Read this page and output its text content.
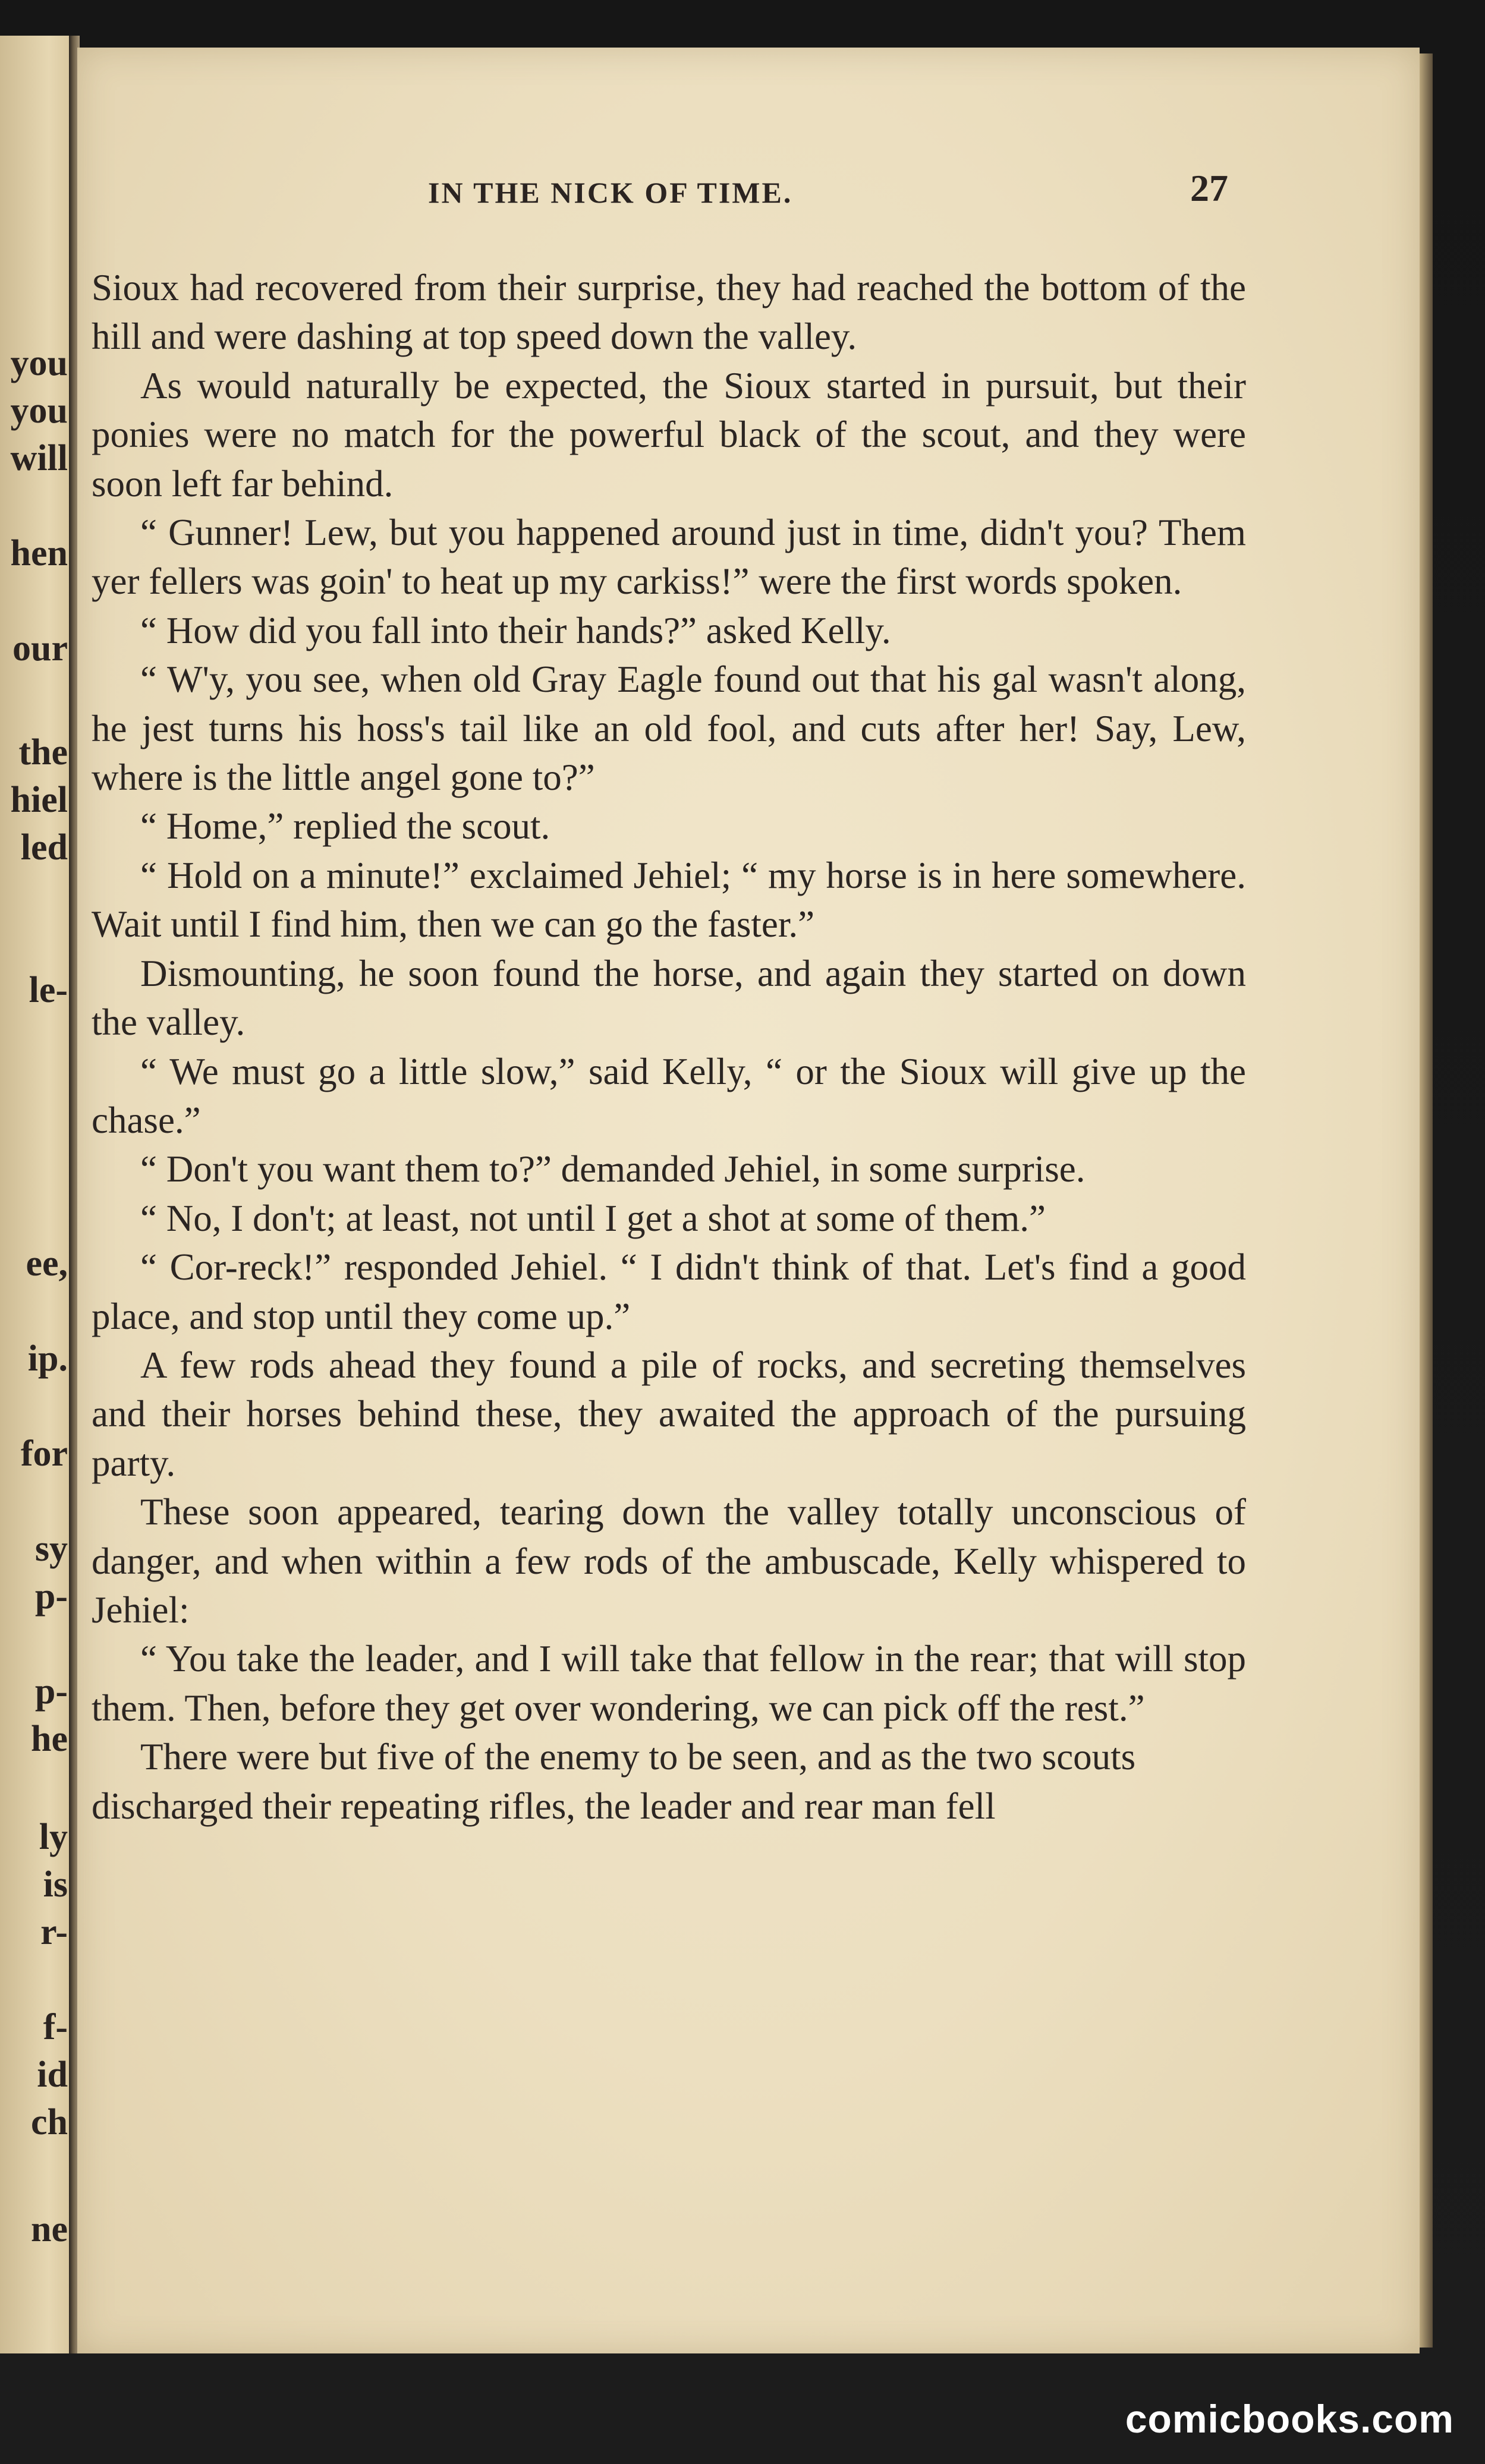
you
you
will
hen
our
the
hiel
led
le-
ee,
ip.
for
sy
p-
p-
he
ly
is
r-
f-
id
ch
ne
IN THE NICK OF TIME.	27

Sioux had recovered from their surprise, they had reached the bottom of the hill and were dashing at top speed down the valley.

As would naturally be expected, the Sioux started in pursuit, but their ponies were no match for the powerful black of the scout, and they were soon left far behind.

“ Gunner! Lew, but you happened around just in time, didn't you? Them yer fellers was goin' to heat up my carkiss!” were the first words spoken.

“ How did you fall into their hands?” asked Kelly.

“ W'y, you see, when old Gray Eagle found out that his gal wasn't along, he jest turns his hoss's tail like an old fool, and cuts after her! Say, Lew, where is the little angel gone to?”

“ Home,” replied the scout.

“ Hold on a minute!” exclaimed Jehiel; “ my horse is in here somewhere. Wait until I find him, then we can go the faster.”

Dismounting, he soon found the horse, and again they started on down the valley.

“ We must go a little slow,” said Kelly, “ or the Sioux will give up the chase.”

“ Don't you want them to?” demanded Jehiel, in some surprise.

“ No, I don't; at least, not until I get a shot at some of them.”

“ Cor-reck!” responded Jehiel. “ I didn't think of that. Let's find a good place, and stop until they come up.”

A few rods ahead they found a pile of rocks, and secreting themselves and their horses behind these, they awaited the approach of the pursuing party.

These soon appeared, tearing down the valley totally unconscious of danger, and when within a few rods of the ambuscade, Kelly whispered to Jehiel:

“ You take the leader, and I will take that fellow in the rear; that will stop them. Then, before they get over wondering, we can pick off the rest.”

There were but five of the enemy to be seen, and as the two scouts discharged their repeating rifles, the leader and rear man fell

comicbooks.com
